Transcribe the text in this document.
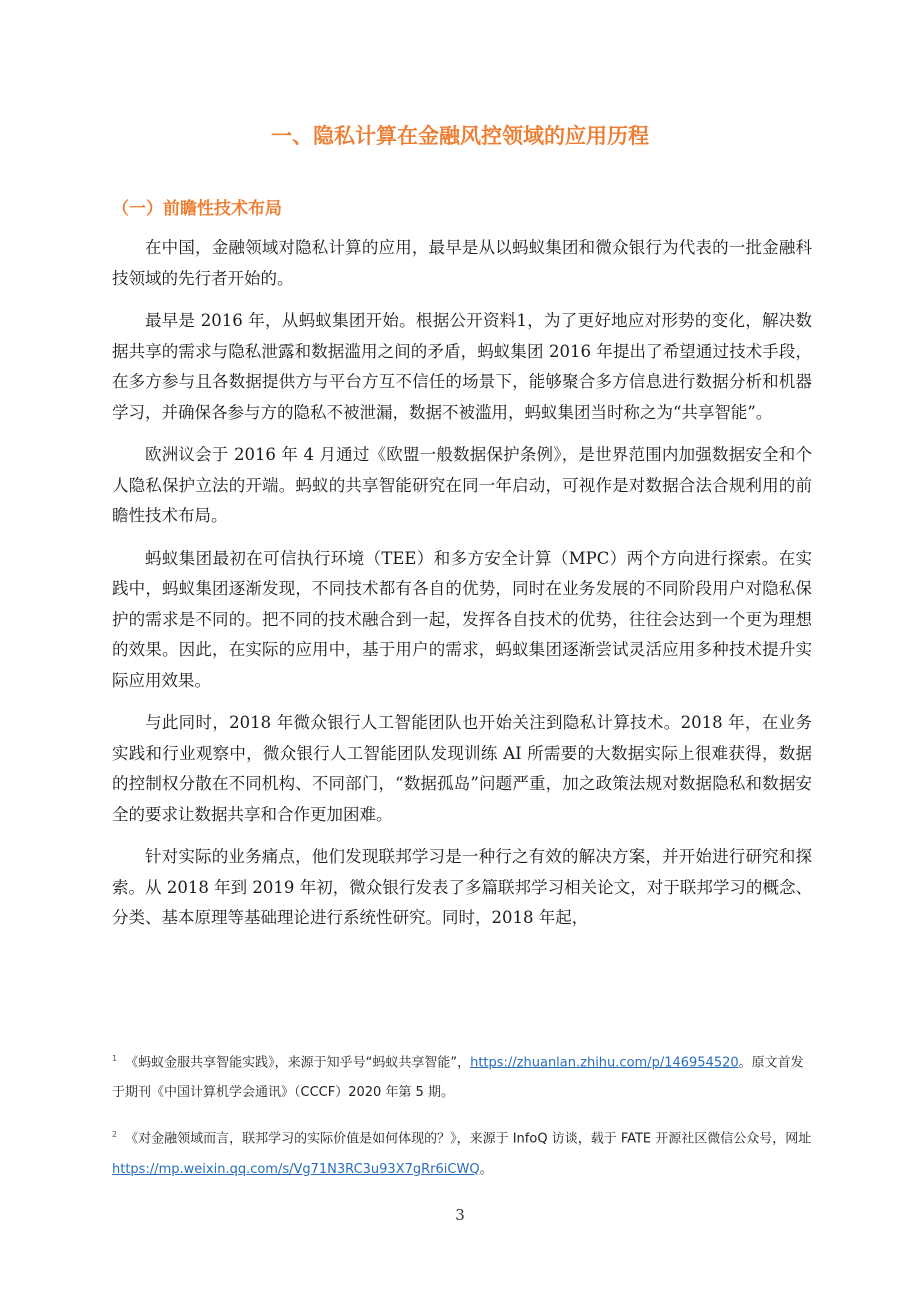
一、隐私计算在金融风控领域的应用历程
（一）前瞻性技术布局

在中国，金融领域对隐私计算的应用，最早是从以蚂蚁集团和微众银行为代表的一批金融科技领域的先行者开始的。

最早是 2016 年，从蚂蚁集团开始。根据公开资料1，为了更好地应对形势的变化，解决数据共享的需求与隐私泄露和数据滥用之间的矛盾，蚂蚁集团 2016 年提出了希望通过技术手段，在多方参与且各数据提供方与平台方互不信任的场景下，能够聚合多方信息进行数据分析和机器学习，并确保各参与方的隐私不被泄漏，数据不被滥用，蚂蚁集团当时称之为“共享智能”。

欧洲议会于 2016 年 4 月通过《欧盟一般数据保护条例》，是世界范围内加强数据安全和个人隐私保护立法的开端。蚂蚁的共享智能研究在同一年启动，可视作是对数据合法合规利用的前瞻性技术布局。

蚂蚁集团最初在可信执行环境（TEE）和多方安全计算（MPC）两个方向进行探索。在实践中，蚂蚁集团逐渐发现，不同技术都有各自的优势，同时在业务发展的不同阶段用户对隐私保护的需求是不同的。把不同的技术融合到一起，发挥各自技术的优势，往往会达到一个更为理想的效果。因此，在实际的应用中，基于用户的需求，蚂蚁集团逐渐尝试灵活应用多种技术提升实际应用效果。

与此同时，2018 年微众银行人工智能团队也开始关注到隐私计算技术。2018 年，在业务实践和行业观察中，微众银行人工智能团队发现训练 AI 所需要的大数据实际上很难获得，数据的控制权分散在不同机构、不同部门，“数据孤岛”问题严重，加之政策法规对数据隐私和数据安全的要求让数据共享和合作更加困难。

针对实际的业务痛点，他们发现联邦学习是一种行之有效的解决方案，并开始进行研究和探索。从 2018 年到 2019 年初，微众银行发表了多篇联邦学习相关论文，对于联邦学习的概念、分类、基本原理等基础理论进行系统性研究。同时，2018 年起，

$^1$ 《蚂蚁金服共享智能实践》，来源于知乎号“蚂蚁共享智能”，https://zhuanlan.zhihu.com/p/146954520。原文首发于期刊《中国计算机学会通讯》（CCCF）2020 年第 5 期。
$^2$ 《对金融领域而言，联邦学习的实际价值是如何体现的？》，来源于 InfoQ 访谈，载于 FATE 开源社区微信公众号，网址 https://mp.weixin.qq.com/s/Vg71N3RC3u93X7gRr6iCWQ。
3
